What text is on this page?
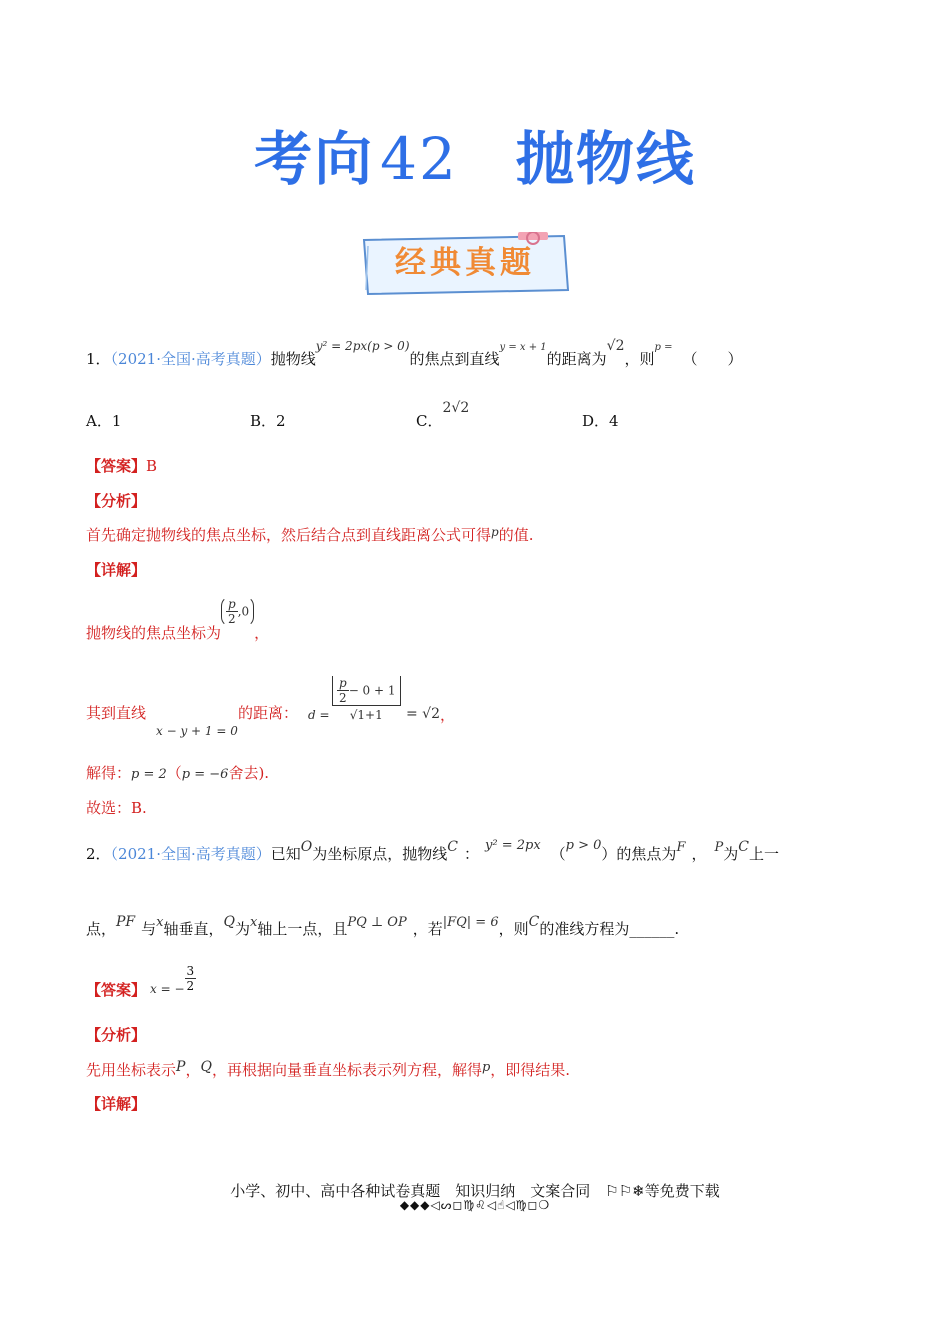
考向 42 抛物线
经典真题
1．（2021·全国·高考真题）抛物线$^{y^2 = 2px(p > 0)}$的焦点到直线$^{y = x + 1}$的距离为√2，则$^{p =}$（　　）
A．1	B．2	C．2√2
D．4
【答案】B
【分析】
首先确定抛物线的焦点坐标，然后结合点到直线距离公式可得$^p$的值.
【详解】
抛物线的焦点坐标为
$\frac{p}{2} ,0$，
其到直线
x − y + 1 = 0
的距离： $d = \frac{\frac{p}{2} - 0 + 1}{√1+1} = √2$ ，
解得：p = 2（p = −6舍去).
故选：B.
2．（2021·全国·高考真题）已知O为坐标原点，抛物线C ： y² = 2px （p > 0）的焦点为F ， P为C上一
点，PF 与x轴垂直，Q为x轴上一点，且PQ ⊥ OP ，若|FQ| = 6，则C的准线方程为______.
【答案】 $_{x = -} \frac{3}{2}$
【分析】
先用坐标表示P，Q，再根据向量垂直坐标表示列方程，解得p，即得结果.
【详解】
小学、初中、高中各种试卷真题　知识归纳　文案合同　⚐⚐❄等免费下载
◆◆◆◁ᔕ◻♍♌◁☝◁♍◻❍
